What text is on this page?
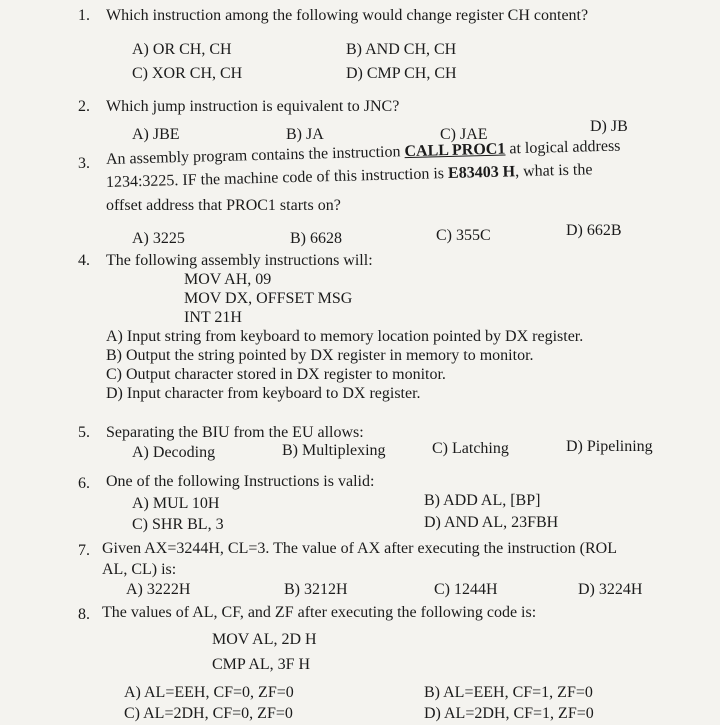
1. Which instruction among the following would change register CH content?
A) OR CH, CH	B) AND CH, CH
C) XOR CH, CH	D) CMP CH, CH
2. Which jump instruction is equivalent to JNC?
A) JBE	B) JA	C) JAE	D) JB
3. An assembly program contains the instruction CALL PROC1 at logical address
1234:3225. IF the machine code of this instruction is E83403 H, what is the
offset address that PROC1 starts on?
A) 3225	B) 6628	C) 355C	D) 662B
4. The following assembly instructions will:
MOV AH, 09
MOV DX, OFFSET MSG
INT 21H
A) Input string from keyboard to memory location pointed by DX register.
B) Output the string pointed by DX register in memory to monitor.
C) Output character stored in DX register to monitor.
D) Input character from keyboard to DX register.
5. Separating the BIU from the EU allows:
A) Decoding	B) Multiplexing	C) Latching	D) Pipelining
6. One of the following Instructions is valid:
A) MUL 10H	B) ADD AL, [BP]
C) SHR BL, 3	D) AND AL, 23FBH
7. Given AX=3244H, CL=3. The value of AX after executing the instruction (ROL
AL, CL) is:
A) 3222H	B) 3212H	C) 1244H	D) 3224H
8. The values of AL, CF, and ZF after executing the following code is:
MOV AL, 2D H
CMP AL, 3F H
A) AL=EEH, CF=0, ZF=0	B) AL=EEH, CF=1, ZF=0
C) AL=2DH, CF=0, ZF=0	D) AL=2DH, CF=1, ZF=0
